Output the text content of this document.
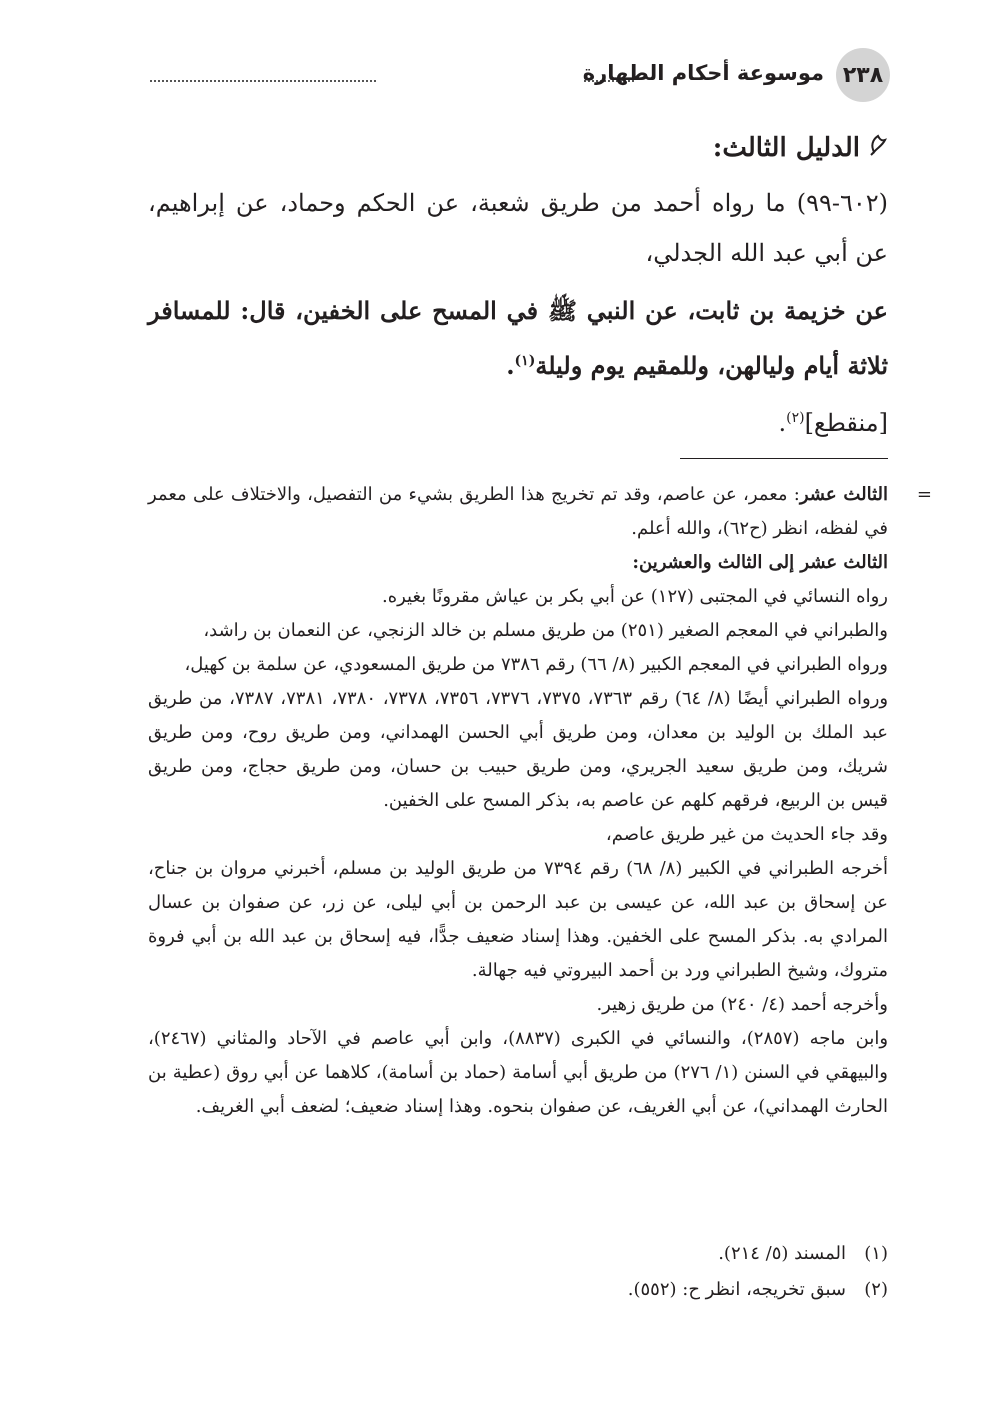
٢٣٨
موسوعة أحكام الطهارة

الدليل الثالث:

(٦٠٢-٩٩) ما رواه أحمد من طريق شعبة، عن الحكم وحماد، عن إبراهيم، عن أبي عبد الله الجدلي،

عن خزيمة بن ثابت، عن النبي ﷺ في المسح على الخفين، قال: للمسافر ثلاثة أيام وليالهن، وللمقيم يوم وليلة$^{(١)}$.

[منقطع]$^{(٢)}$.

=

الثالث عشر: معمر، عن عاصم، وقد تم تخريج هذا الطريق بشيء من التفصيل، والاختلاف على معمر في لفظه، انظر (ح٦٢)، والله أعلم.

الثالث عشر إلى الثالث والعشرين:

رواه النسائي في المجتبى (١٢٧) عن أبي بكر بن عياش مقرونًا بغيره.

والطبراني في المعجم الصغير (٢٥١) من طريق مسلم بن خالد الزنجي، عن النعمان بن راشد،

ورواه الطبراني في المعجم الكبير (٨/ ٦٦) رقم ٧٣٨٦ من طريق المسعودي، عن سلمة بن كهيل،

ورواه الطبراني أيضًا (٨/ ٦٤) رقم ٧٣٦٣، ٧٣٧٥، ٧٣٧٦، ٧٣٥٦، ٧٣٧٨، ٧٣٨٠، ٧٣٨١، ٧٣٨٧، من طريق عبد الملك بن الوليد بن معدان، ومن طريق أبي الحسن الهمداني، ومن طريق روح، ومن طريق شريك، ومن طريق سعيد الجريري، ومن طريق حبيب بن حسان، ومن طريق حجاج، ومن طريق قيس بن الربيع، فرقهم كلهم عن عاصم به، بذكر المسح على الخفين.

وقد جاء الحديث من غير طريق عاصم،

أخرجه الطبراني في الكبير (٨/ ٦٨) رقم ٧٣٩٤ من طريق الوليد بن مسلم، أخبرني مروان بن جناح، عن إسحاق بن عبد الله، عن عيسى بن عبد الرحمن بن أبي ليلى، عن زر، عن صفوان بن عسال المرادي به. بذكر المسح على الخفين. وهذا إسناد ضعيف جدًّا، فيه إسحاق بن عبد الله بن أبي فروة متروك، وشيخ الطبراني ورد بن أحمد البيروتي فيه جهالة.

وأخرجه أحمد (٤/ ٢٤٠) من طريق زهير.

وابن ماجه (٢٨٥٧)، والنسائي في الكبرى (٨٨٣٧)، وابن أبي عاصم في الآحاد والمثاني (٢٤٦٧)، والبيهقي في السنن (١/ ٢٧٦) من طريق أبي أسامة (حماد بن أسامة)، كلاهما عن أبي روق (عطية بن الحارث الهمداني)، عن أبي الغريف، عن صفوان بنحوه. وهذا إسناد ضعيف؛ لضعف أبي الغريف.

(١)المسند (٥/ ٢١٤).

(٢)سبق تخريجه، انظر ح: (٥٥٢).
